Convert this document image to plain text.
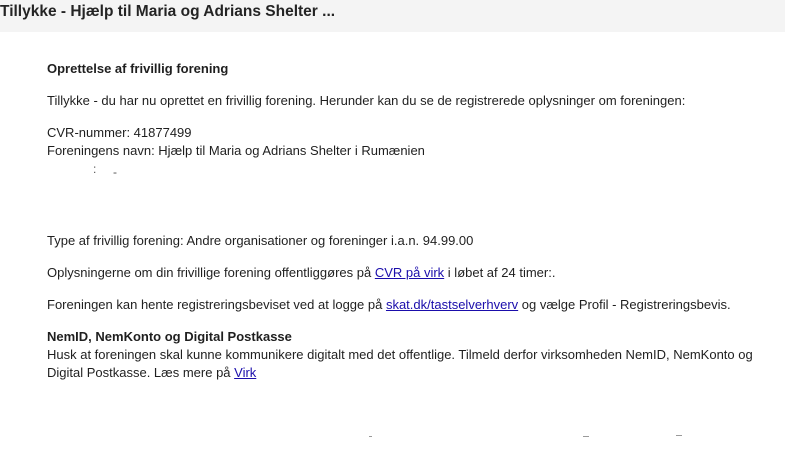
Tillykke - Hjælp til Maria og Adrians Shelter ...
Oprettelse af frivillig forening
Tillykke - du har nu oprettet en frivillig forening. Herunder kan du se de registrerede oplysninger om foreningen:
CVR-nummer: 41877499
Foreningens navn: Hjælp til Maria og Adrians Shelter i Rumænien
: -
Type af frivillig forening: Andre organisationer og foreninger i.a.n. 94.99.00
Oplysningerne om din frivillige forening offentliggøres på CVR på virk i løbet af 24 timer:.
Foreningen kan hente registreringsbeviset ved at logge på skat.dk/tastselverhverv og vælge Profil - Registreringsbevis.
NemID, NemKonto og Digital Postkasse
Husk at foreningen skal kunne kommunikere digitalt med det offentlige. Tilmeld derfor virksomheden NemID, NemKonto og
Digital Postkasse. Læs mere på Virk
